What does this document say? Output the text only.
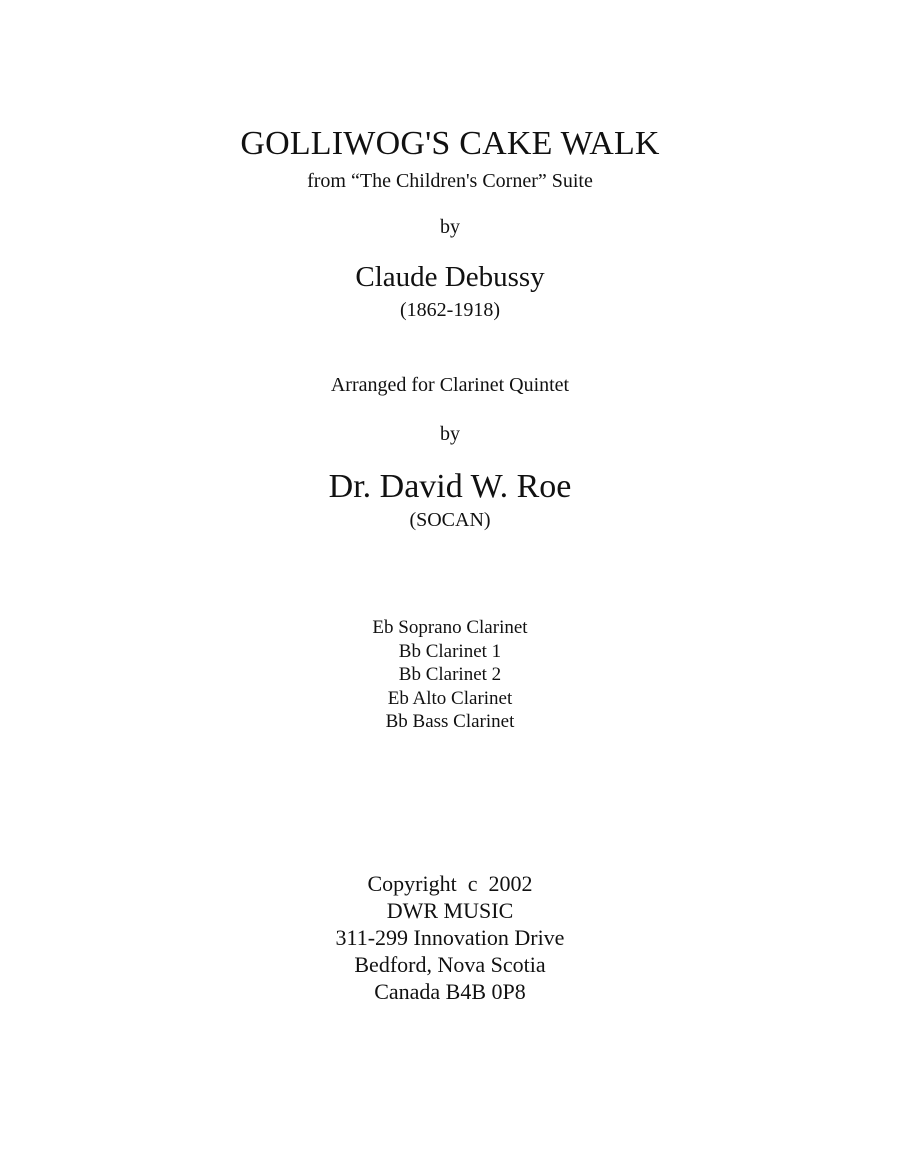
GOLLIWOG'S CAKE WALK
from “The Children's Corner” Suite
by
Claude Debussy
(1862-1918)
Arranged for Clarinet Quintet
by
Dr. David W. Roe
(SOCAN)
Eb Soprano Clarinet
Bb Clarinet 1
Bb Clarinet 2
Eb Alto Clarinet
Bb Bass Clarinet
Copyright  c  2002
DWR MUSIC
311-299 Innovation Drive
Bedford, Nova Scotia
Canada B4B 0P8
